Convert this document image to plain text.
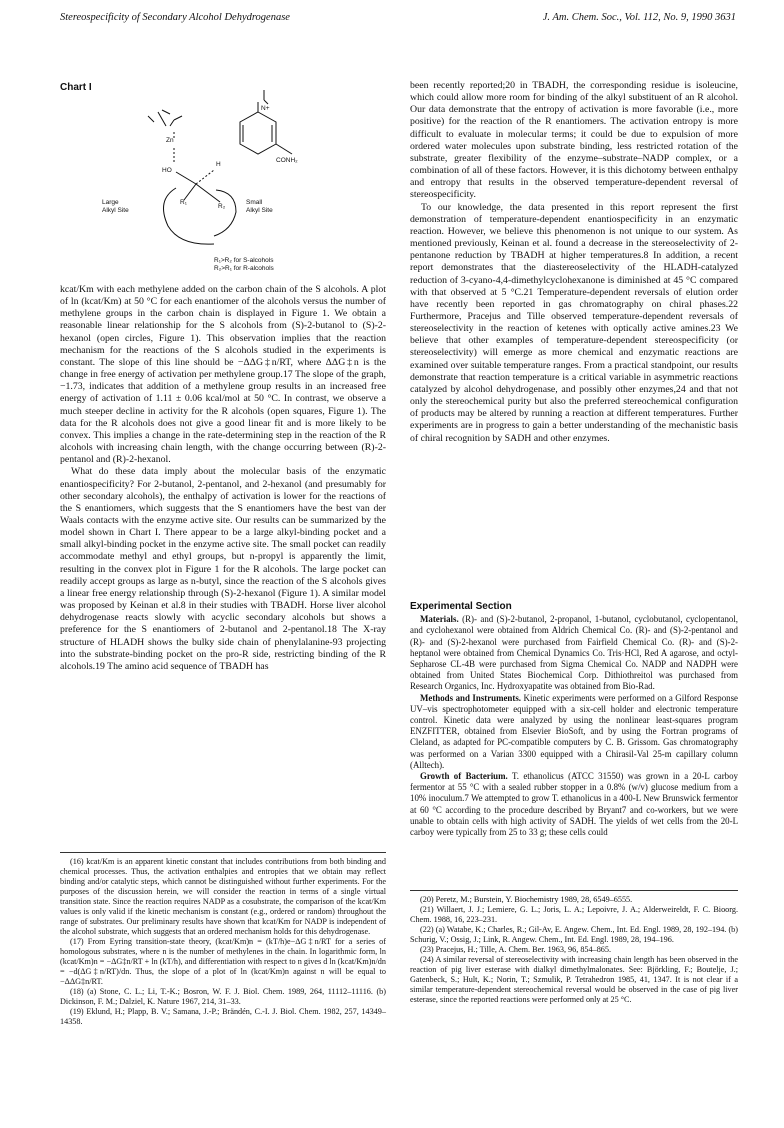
Stereospecificity of Secondary Alcohol Dehydrogenase	J. Am. Chem. Soc., Vol. 112, No. 9, 1990 3631
Chart I
N+
CONH₂
Zn
HO
H
R₁
R₂
Large
Alkyl Site
Small
Alkyl Site
R₁>R₂ for S-alcohols
R₂>R₁ for R-alcohols

kcat/Km with each methylene added on the carbon chain of the S alcohols. A plot of ln (kcat/Km) at 50 °C for each enantiomer of the alcohols versus the number of methylene groups in the carbon chain is displayed in Figure 1. We obtain a reasonable linear relationship for the S alcohols from (S)-2-butanol to (S)-2-hexanol (open circles, Figure 1). This observation implies that the reaction mechanism for the reactions of the S alcohols studied in the experiments is constant. The slope of this line should be −ΔΔG‡n/RT, where ΔΔG‡n is the change in free energy of activation per methylene group.17 The slope of the graph, −1.73, indicates that addition of a methylene group results in an increased free energy of activation of 1.11 ± 0.06 kcal/mol at 50 °C. In contrast, we observe a much steeper decline in activity for the R alcohols (open squares, Figure 1). The data for the R alcohols does not give a good linear fit and is more likely to be convex. This implies a change in the rate-determining step in the reaction of the R alcohols with increasing chain length, with the change occurring between (R)-2-pentanol and (R)-2-hexanol.

What do these data imply about the molecular basis of the enzymatic enantiospecificity? For 2-butanol, 2-pentanol, and 2-hexanol (and presumably for other secondary alcohols), the enthalpy of activation is lower for the reactions of the S enantiomers, which suggests that the S enantiomers have the best van der Waals contacts with the enzyme active site. Our results can be summarized by the model shown in Chart I. There appear to be a large alkyl-binding pocket and a small alkyl-binding pocket in the enzyme active site. The small pocket can readily accommodate methyl and ethyl groups, but n-propyl is apparently the limit, resulting in the convex plot in Figure 1 for the R alcohols. The large pocket can readily accept groups as large as n-butyl, since the reaction of the S alcohols gives a linear free energy relationship through (S)-2-hexanol (Figure 1). A similar model was proposed by Keinan et al.8 in their studies with TBADH. Horse liver alcohol dehydrogenase reacts slowly with acyclic secondary alcohols but shows a preference for the S enantiomers of 2-butanol and 2-pentanol.18 The X-ray structure of HLADH shows the bulky side chain of phenylalanine-93 projecting into the substrate-binding pocket on the pro-R side, restricting binding of the R alcohols.19 The amino acid sequence of TBADH has

(16) kcat/Km is an apparent kinetic constant that includes contributions from both binding and chemical processes. Thus, the activation enthalpies and entropies that we obtain may reflect binding and/or catalytic steps, which cannot be distinguished without further experiments. For the purposes of the discussion herein, we will consider the reaction in terms of a single virtual transition state. Since the reaction requires NADP as a cosubstrate, the comparison of the kcat/Km values is only valid if the kinetic mechanism is constant (e.g., ordered or random) throughout the range of substrates. Our preliminary results have shown that kcat/Km for NADP is independent of the alcohol substrate, which suggests that an ordered mechanism holds for this dehydrogenase.

(17) From Eyring transition-state theory, (kcat/Km)n = (kT/h)e−ΔG‡n/RT for a series of homologous substrates, where n is the number of methylenes in the chain. In logarithmic form, ln (kcat/Km)n = −ΔG‡n/RT + ln (kT/h), and differentiation with respect to n gives d ln (kcat/Km)n/dn = −d(ΔG‡n/RT)/dn. Thus, the slope of a plot of ln (kcat/Km)n against n will be equal to −ΔΔG‡n/RT.

(18) (a) Stone, C. L.; Li, T.-K.; Bosron, W. F. J. Biol. Chem. 1989, 264, 11112–11116. (b) Dickinson, F. M.; Dalziel, K. Nature 1967, 214, 31–33.

(19) Eklund, H.; Plapp, B. V.; Samana, J.-P.; Brändén, C.-I. J. Biol. Chem. 1982, 257, 14349–14358.

been recently reported;20 in TBADH, the corresponding residue is isoleucine, which could allow more room for binding of the alkyl substituent of an R alcohol. Our data demonstrate that the entropy of activation is more favorable (i.e., more positive) for the reaction of the R enantiomers. The activation entropy is more difficult to evaluate in molecular terms; it could be due to expulsion of more ordered water molecules upon substrate binding, less restricted rotation of the substrate, greater flexibility of the enzyme–substrate–NADP complex, or a combination of all of these factors. However, it is this dichotomy between enthalpy and entropy that results in the observed temperature-dependent reversal of stereospecificity.

To our knowledge, the data presented in this report represent the first demonstration of temperature-dependent enantiospecificity in an enzymatic reaction. However, we believe this phenomenon is not unique to our system. As mentioned previously, Keinan et al. found a decrease in the stereoselectivity of 2-pentanone reduction by TBADH at higher temperatures.8 In addition, a recent report demonstrates that the diastereoselectivity of the HLADH-catalyzed reduction of 3-cyano-4,4-dimethylcyclohexanone is diminished at 45 °C compared with that observed at 5 °C.21 Temperature-dependent reversals of elution order have recently been reported in gas chromatography on chiral phases.22 Furthermore, Pracejus and Tille observed temperature-dependent reversals of stereoselectivity in the reaction of ketenes with optically active amines.23 We believe that other examples of temperature-dependent stereospecificity (or stereoselectivity) will emerge as more chemical and enzymatic reactions are examined over suitable temperature ranges. From a practical standpoint, our results demonstrate that reaction temperature is a critical variable in asymmetric reactions catalyzed by alcohol dehydrogenase, and possibly other enzymes,24 and that not only the stereochemical purity but also the preferred stereochemical configuration of products may be altered by running a reaction at different temperatures. Further experiments are in progress to gain a better understanding of the mechanistic basis of chiral recognition by SADH and other enzymes.

Experimental Section

Materials. (R)- and (S)-2-butanol, 2-propanol, 1-butanol, cyclobutanol, cyclopentanol, and cyclohexanol were obtained from Aldrich Chemical Co. (R)- and (S)-2-pentanol and (R)- and (S)-2-hexanol were purchased from Fairfield Chemical Co. (R)- and (S)-2-heptanol were obtained from Chemical Dynamics Co. Tris·HCl, Red A agarose, and octyl-Sepharose CL-4B were purchased from Sigma Chemical Co. NADP and NADPH were obtained from United States Biochemical Corp. Dithiothreitol was purchased from Research Organics, Inc. Hydroxyapatite was obtained from Bio-Rad.

Methods and Instruments. Kinetic experiments were performed on a Gilford Response UV–vis spectrophotometer equipped with a six-cell holder and electronic temperature control. Kinetic data were analyzed by using the nonlinear least-squares program ENZFITTER, obtained from Elsevier BioSoft, and by using the Fortran programs of Cleland, as adapted for PC-compatible computers by C. B. Grissom. Gas chromatography was performed on a Varian 3300 equipped with a Chirasil-Val 25-m capillary column (Alltech).

Growth of Bacterium. T. ethanolicus (ATCC 31550) was grown in a 20-L carboy fermentor at 55 °C with a sealed rubber stopper in a 0.8% (w/v) glucose medium from a 10% inoculum.7 We attempted to grow T. ethanolicus in a 400-L New Brunswick fermentor at 60 °C according to the procedure described by Bryant7 and co-workers, but we were unable to obtain cells with high activity of SADH. The yields of wet cells from the 20-L carboy were typically from 25 to 33 g; these cells could

(20) Peretz, M.; Burstein, Y. Biochemistry 1989, 28, 6549–6555.

(21) Willaert, J. J.; Lemiere, G. L.; Joris, L. A.; Lepoivre, J. A.; Alderweireldt, F. C. Bioorg. Chem. 1988, 16, 223–231.

(22) (a) Watabe, K.; Charles, R.; Gil-Av, E. Angew. Chem., Int. Ed. Engl. 1989, 28, 192–194. (b) Schurig, V.; Ossig, J.; Link, R. Angew. Chem., Int. Ed. Engl. 1989, 28, 194–196.

(23) Pracejus, H.; Tille, A. Chem. Ber. 1963, 96, 854–865.

(24) A similar reversal of stereoselectivity with increasing chain length has been observed in the reaction of pig liver esterase with dialkyl dimethylmalonates. See: Björkling, F.; Boutelje, J.; Gatenbeck, S.; Hult, K.; Norin, T.; Szmulik, P. Tetrahedron 1985, 41, 1347. It is not clear if a similar temperature-dependent stereochemical reversal would be observed in the case of pig liver esterase, since the reported reactions were performed only at 25 °C.
